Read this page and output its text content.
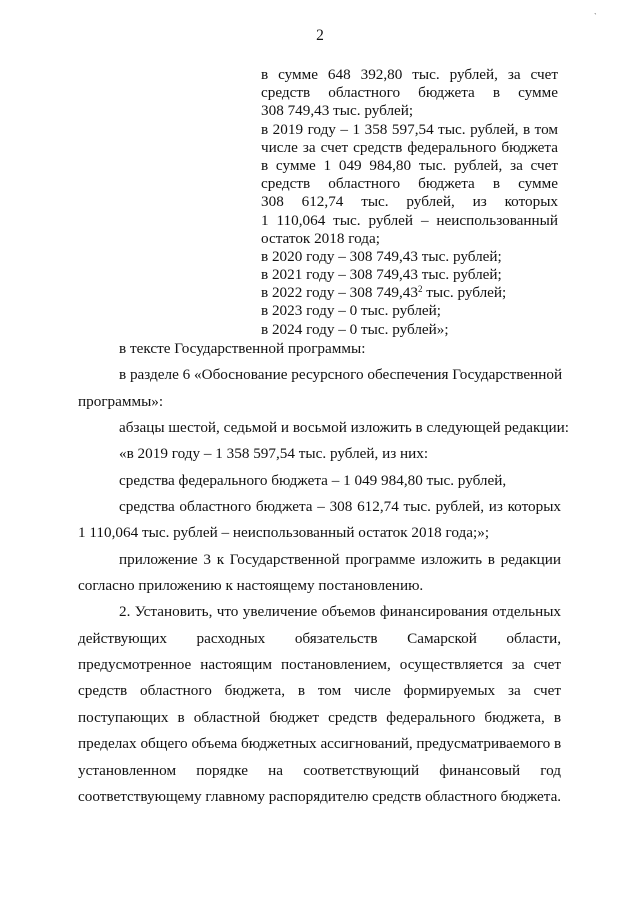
`
2
в сумме 648 392,80 тыс. рублей, за счет
средств областного бюджета в сумме
308 749,43 тыс. рублей;
в 2019 году – 1 358 597,54 тыс. рублей, в том
числе за счет средств федерального бюджета
в сумме 1 049 984,80 тыс. рублей, за счет
средств областного бюджета в сумме
308 612,74 тыс. рублей, из которых
1 110,064 тыс. рублей – неиспользованный
остаток 2018 года;
в 2020 году – 308 749,43 тыс. рублей;
в 2021 году – 308 749,43 тыс. рублей;
в 2022 году – 308 749,43$^2$ тыс. рублей;
в 2023 году – 0 тыс. рублей;
в 2024 году – 0 тыс. рублей»;
в тексте Государственной программы:
в разделе 6 «Обоснование ресурсного обеспечения Государственной
программы»:
абзацы шестой, седьмой и восьмой изложить в следующей редакции:
«в 2019 году – 1 358 597,54 тыс. рублей, из них:
средства федерального бюджета – 1 049 984,80 тыс. рублей,
средства областного бюджета – 308 612,74 тыс. рублей, из которых
1 110,064 тыс. рублей – неиспользованный остаток 2018 года;»;
приложение 3 к Государственной программе изложить в редакции
согласно приложению к настоящему постановлению.
2. Установить, что увеличение объемов финансирования отдельных
действующих расходных обязательств Самарской области,
предусмотренное настоящим постановлением, осуществляется за счет
средств областного бюджета, в том числе формируемых за счет
поступающих в областной бюджет средств федерального бюджета, в
пределах общего объема бюджетных ассигнований, предусматриваемого в
установленном порядке на соответствующий финансовый год
соответствующему главному распорядителю средств областного бюджета.
